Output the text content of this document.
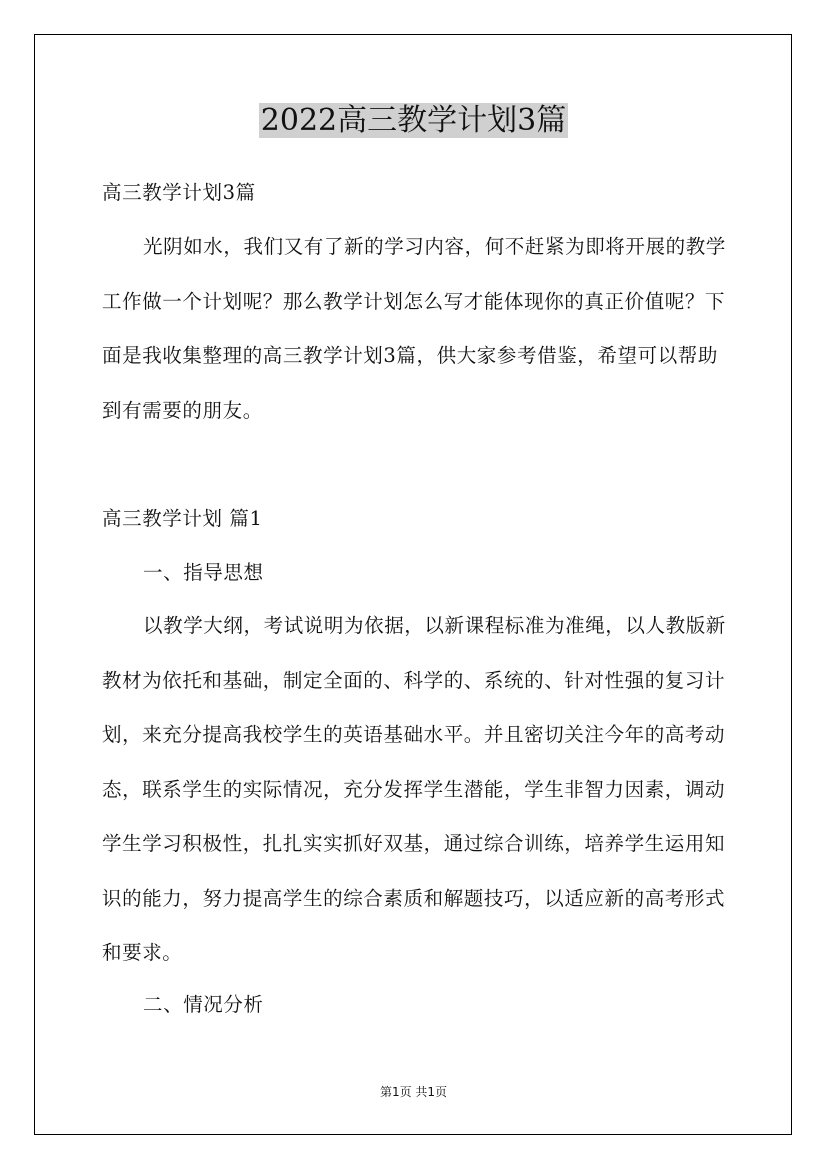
2022高三教学计划3篇
高三教学计划3篇
光阴如水，我们又有了新的学习内容，何不赶紧为即将开展的教学工作做一个计划呢？那么教学计划怎么写才能体现你的真正价值呢？下面是我收集整理的高三教学计划3篇，供大家参考借鉴，希望可以帮助到有需要的朋友。
高三教学计划 篇1
一、指导思想
以教学大纲，考试说明为依据，以新课程标准为准绳，以人教版新教材为依托和基础，制定全面的、科学的、系统的、针对性强的复习计划，来充分提高我校学生的英语基础水平。并且密切关注今年的高考动态，联系学生的实际情况，充分发挥学生潜能，学生非智力因素，调动学生学习积极性，扎扎实实抓好双基，通过综合训练，培养学生运用知识的能力，努力提高学生的综合素质和解题技巧，以适应新的高考形式和要求。
二、情况分析
第1页 共1页
